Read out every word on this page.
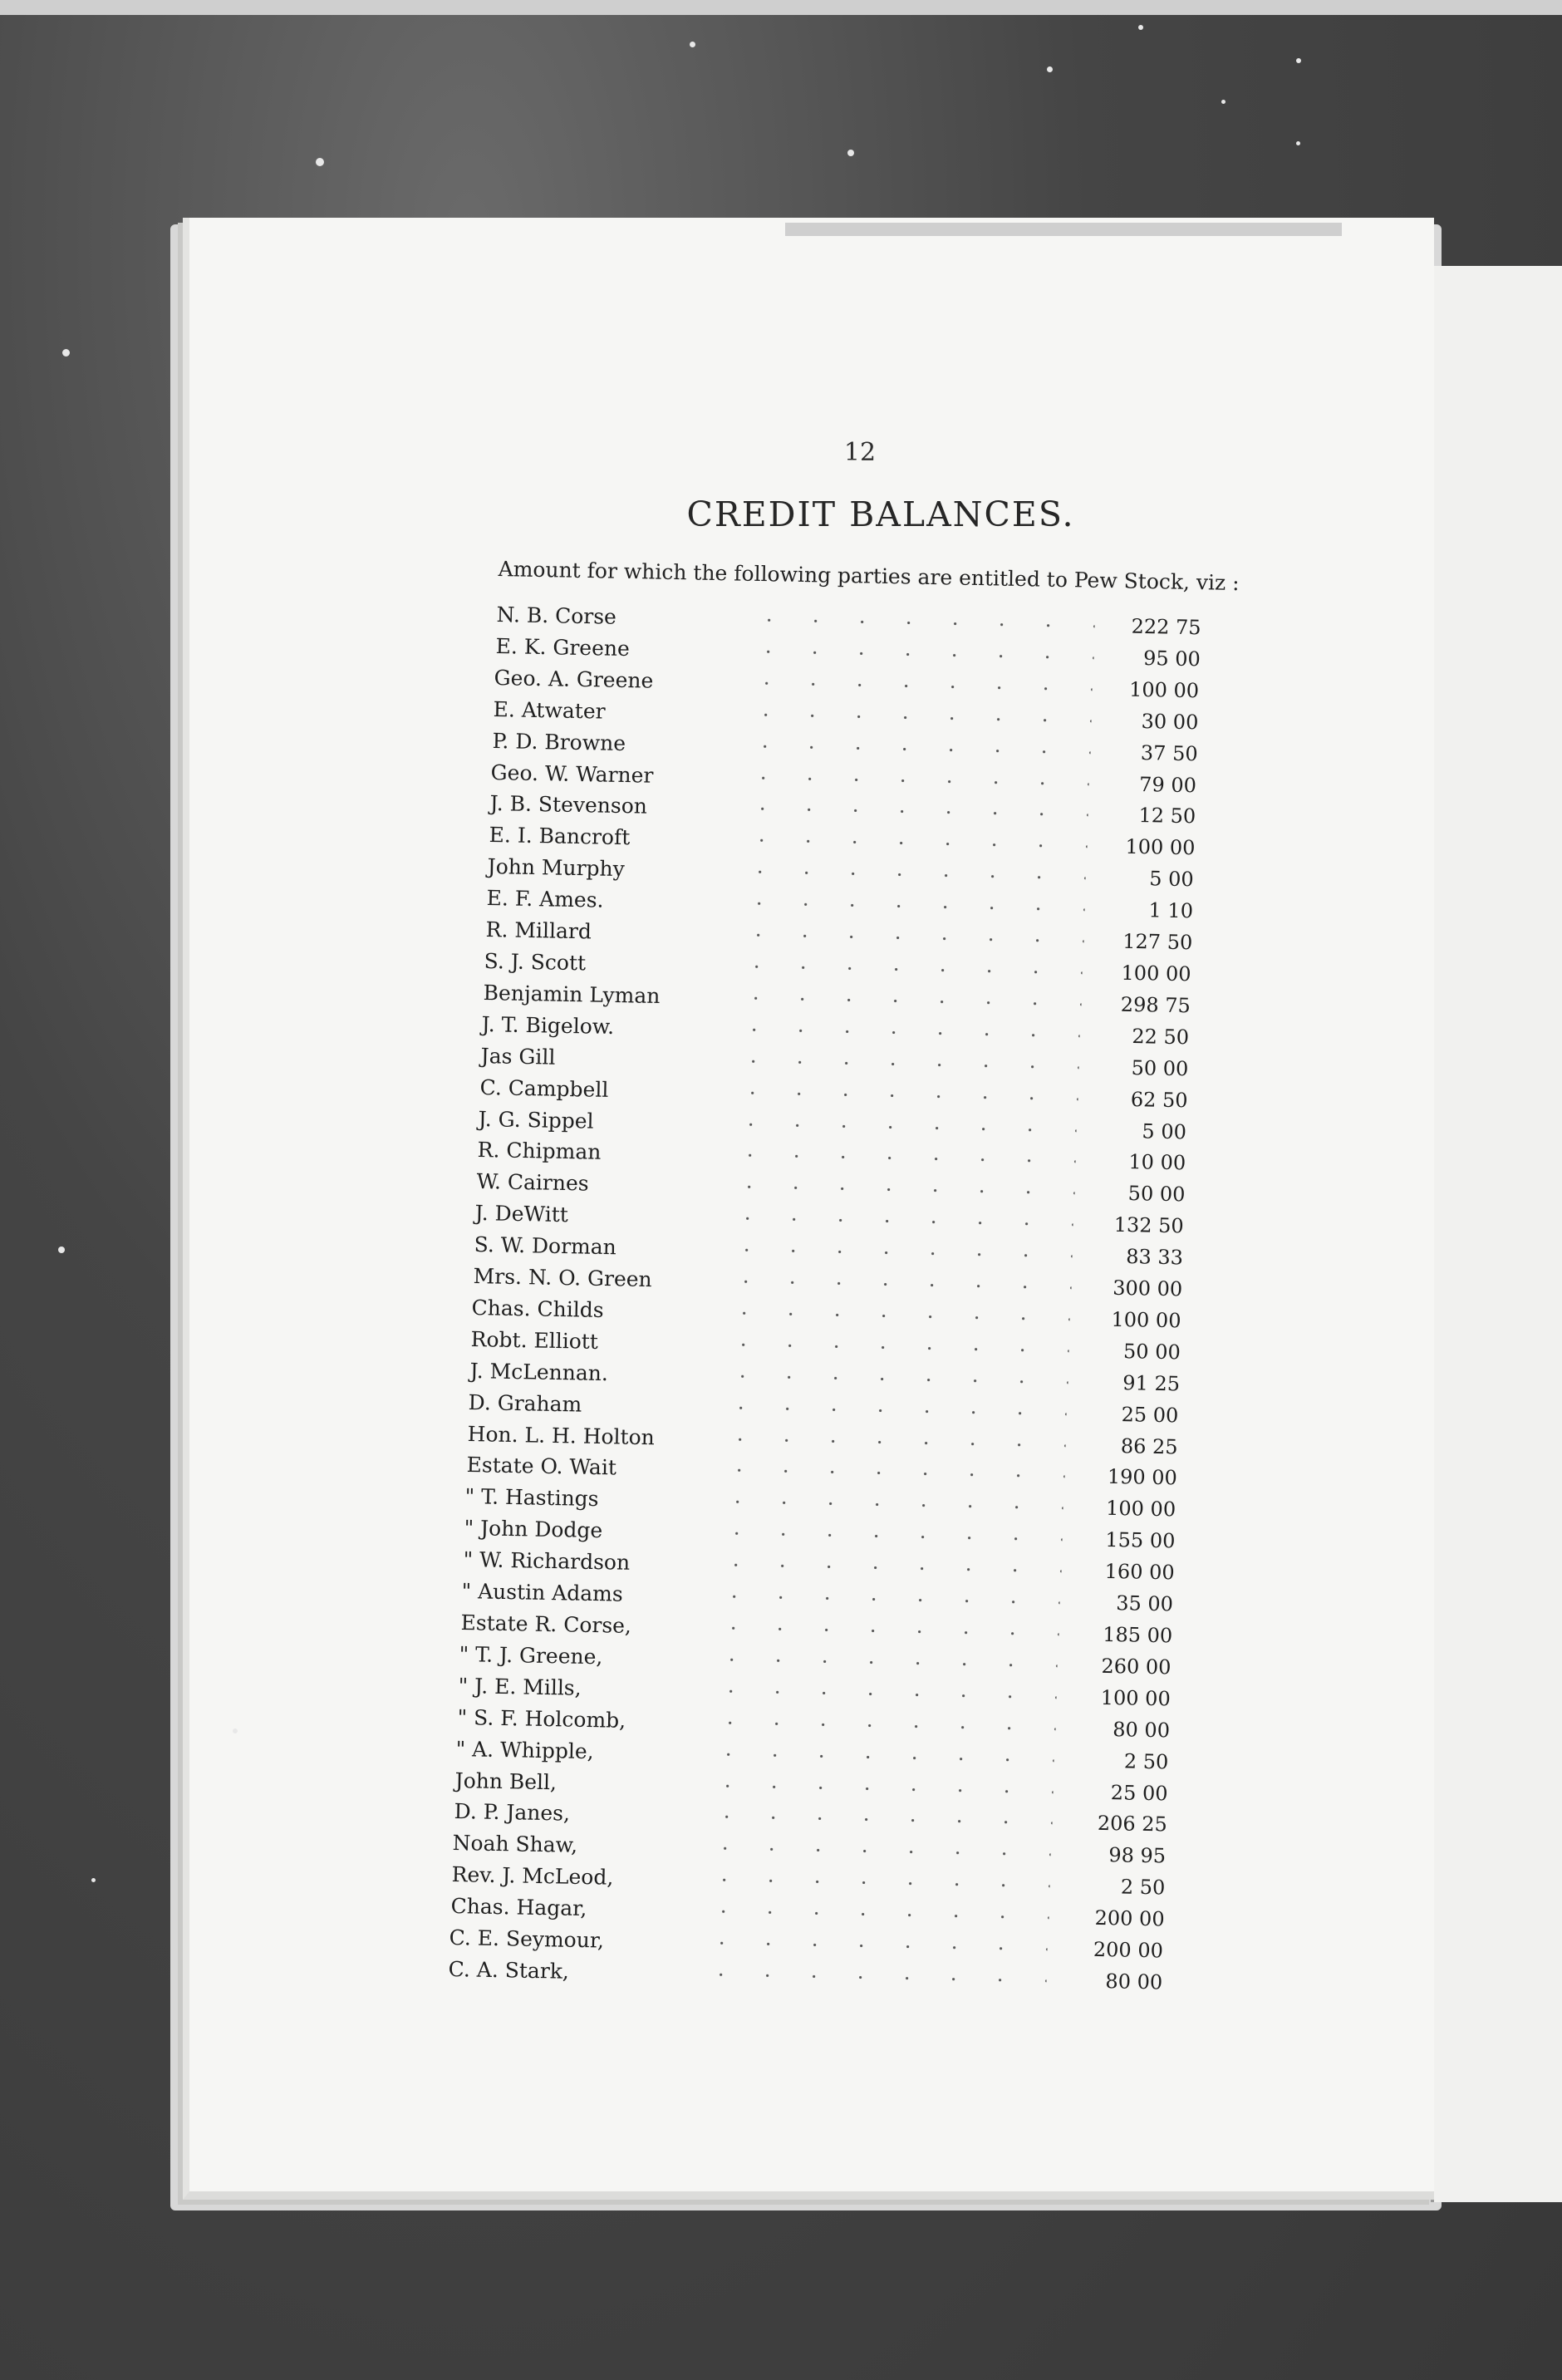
12
CREDIT BALANCES.
Amount for which the following parties are entitled to Pew Stock, viz :
N. B. Corse	222 75
E. K. Greene	95 00
Geo. A. Greene	100 00
E. Atwater	30 00
P. D. Browne	37 50
Geo. W. Warner	79 00
J. B. Stevenson	12 50
E. I. Bancroft	100 00
John Murphy	5 00
E. F. Ames.	1 10
R. Millard	127 50
S. J. Scott	100 00
Benjamin Lyman	298 75
J. T. Bigelow.	22 50
Jas Gill	50 00
C. Campbell	62 50
J. G. Sippel	5 00
R. Chipman	10 00
W. Cairnes	50 00
J. DeWitt	132 50
S. W. Dorman	83 33
Mrs. N. O. Green	300 00
Chas. Childs	100 00
Robt. Elliott	50 00
J. McLennan.	91 25
D. Graham	25 00
Hon. L. H. Holton	86 25
Estate O. Wait	190 00
" T. Hastings	100 00
" John Dodge	155 00
" W. Richardson	160 00
" Austin Adams	35 00
Estate R. Corse,	185 00
" T. J. Greene,	260 00
" J. E. Mills,	100 00
" S. F. Holcomb,	80 00
" A. Whipple,	2 50
John Bell,	25 00
D. P. Janes,	206 25
Noah Shaw,	98 95
Rev. J. McLeod,	2 50
Chas. Hagar,	200 00
C. E. Seymour,	200 00
C. A. Stark,	80 00
